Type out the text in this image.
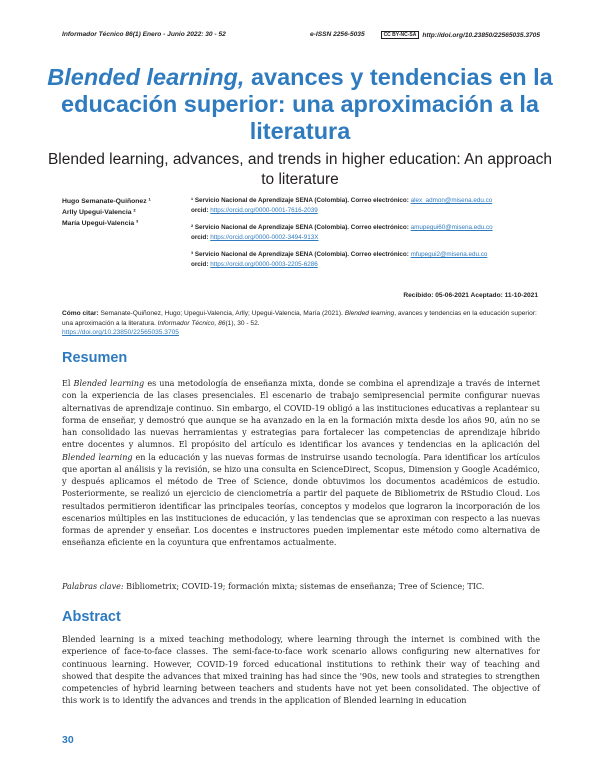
Informador Técnico 86(1) Enero - Junio 2022: 30 - 52	e-ISSN 2256-5035	CC BY-NC-SA http://doi.org/10.23850/22565035.3705
Blended learning, avances y tendencias en la educación superior: una aproximación a la literatura
Blended learning, advances, and trends in higher education: An approach to literature
Hugo Semanate-Quiñonez ¹
Arlly Upegui-Valencia ²
María Upegui-Valencia ³
¹ Servicio Nacional de Aprendizaje SENA (Colombia). Correo electrónico: alex_admon@misena.edu.co
orcid: https://orcid.org/0000-0001-7616-2039
² Servicio Nacional de Aprendizaje SENA (Colombia). Correo electrónico: amupegui60@misena.edu.co
orcid: https://orcid.org/0000-0002-3494-913X
³ Servicio Nacional de Aprendizaje SENA (Colombia). Correo electrónico: mfupegui2@misena.edu.co
orcid: https://orcid.org/0000-0003-2205-6286
Recibido: 05-06-2021 Aceptado: 11-10-2021
Cómo citar: Semanate-Quiñonez, Hugo; Upegui-Valencia, Arlly; Upegui-Valencia, María (2021). Blended learning, avances y tendencias en la educación superior: una aproximación a la literatura. Informador Técnico, 86(1), 30 - 52.
https://doi.org/10.23850/22565035.3705
Resumen
El Blended learning es una metodología de enseñanza mixta, donde se combina el aprendizaje a través de internet con la experiencia de las clases presenciales. El escenario de trabajo semipresencial permite configurar nuevas alternativas de aprendizaje continuo. Sin embargo, el COVID-19 obligó a las instituciones educativas a replantear su forma de enseñar, y demostró que aunque se ha avanzado en la en la formación mixta desde los años 90, aún no se han consolidado las nuevas herramientas y estrategias para fortalecer las competencias de aprendizaje híbrido entre docentes y alumnos. El propósito del artículo es identificar los avances y tendencias en la aplicación del Blended learning en la educación y las nuevas formas de instruirse usando tecnología. Para identificar los artículos que aportan al análisis y la revisión, se hizo una consulta en ScienceDirect, Scopus, Dimension y Google Académico, y después aplicamos el método de Tree of Science, donde obtuvimos los documentos académicos de estudio. Posteriormente, se realizó un ejercicio de cienciometría a partir del paquete de Bibliometrix de RStudio Cloud. Los resultados permitieron identificar las principales teorías, conceptos y modelos que lograron la incorporación de los escenarios múltiples en las instituciones de educación, y las tendencias que se aproximan con respecto a las nuevas formas de aprender y enseñar. Los docentes e instructores pueden implementar este método como alternativa de enseñanza eficiente en la coyuntura que enfrentamos actualmente.
Palabras clave: Bibliometrix; COVID-19; formación mixta; sistemas de enseñanza; Tree of Science; TIC.
Abstract
Blended learning is a mixed teaching methodology, where learning through the internet is combined with the experience of face-to-face classes. The semi-face-to-face work scenario allows configuring new alternatives for continuous learning. However, COVID-19 forced educational institutions to rethink their way of teaching and showed that despite the advances that mixed training has had since the '90s, new tools and strategies to strengthen competencies of hybrid learning between teachers and students have not yet been consolidated. The objective of this work is to identify the advances and trends in the application of Blended learning in education
30
